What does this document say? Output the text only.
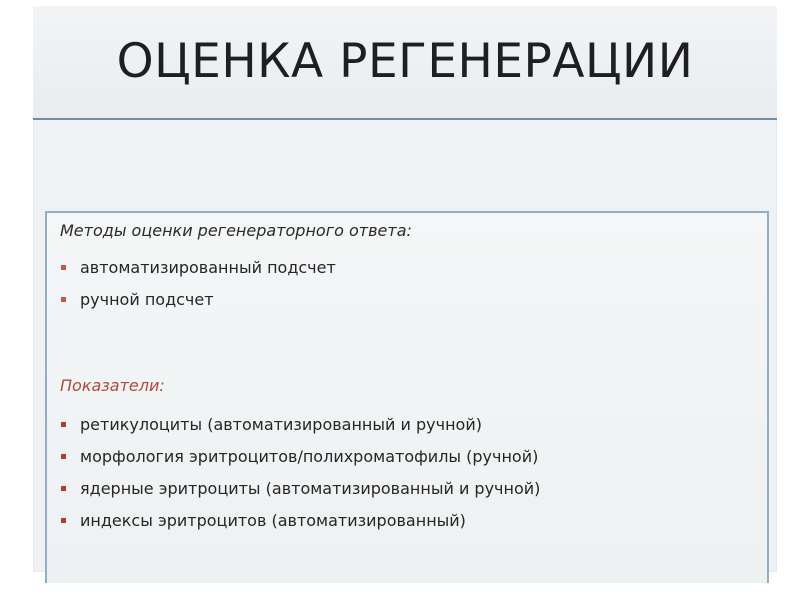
ОЦЕНКА РЕГЕНЕРАЦИИ
Методы оценки регенераторного ответа:
автоматизированный подсчет
ручной подсчет
Показатели:
ретикулоциты (автоматизированный и ручной)
морфология эритроцитов/полихроматофилы (ручной)
ядерные эритроциты (автоматизированный и ручной)
индексы эритроцитов (автоматизированный)
